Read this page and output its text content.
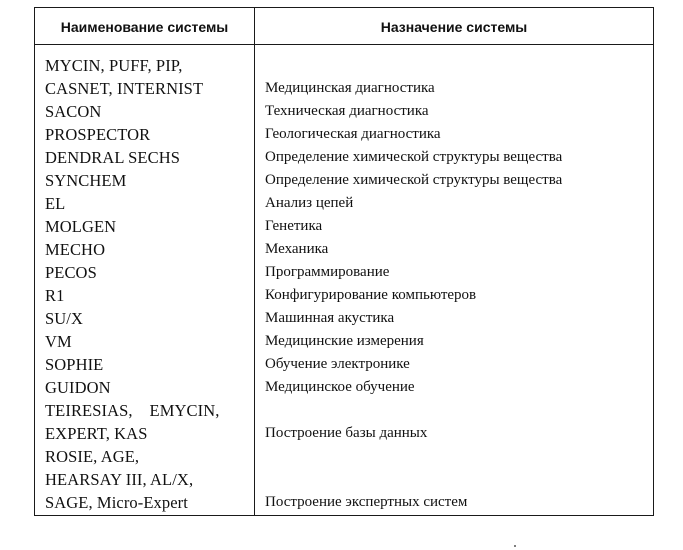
Наименование системы	Назначение системы
MYCIN, PUFF, PIP,
CASNET, INTERNIST	Медицинская диагностика
SACON	Техническая диагностика
PROSPECTOR	Геологическая диагностика
DENDRAL SECHS	Определение химической структуры вещества
SYNCHEM	Определение химической структуры вещества
EL	Анализ цепей
MOLGEN	Генетика
MECHO	Механика
PECOS	Программирование
R1	Конфигурирование компьютеров
SU/X	Машинная акустика
VM	Медицинские измерения
SOPHIE	Обучение электронике
GUIDON	Медицинское обучение
TEIRESIAS,    EMYCIN,
EXPERT, KAS	Построение базы данных
ROSIE, AGE,
HEARSAY III, AL/X,
SAGE, Micro-Expert	Построение экспертных систем
